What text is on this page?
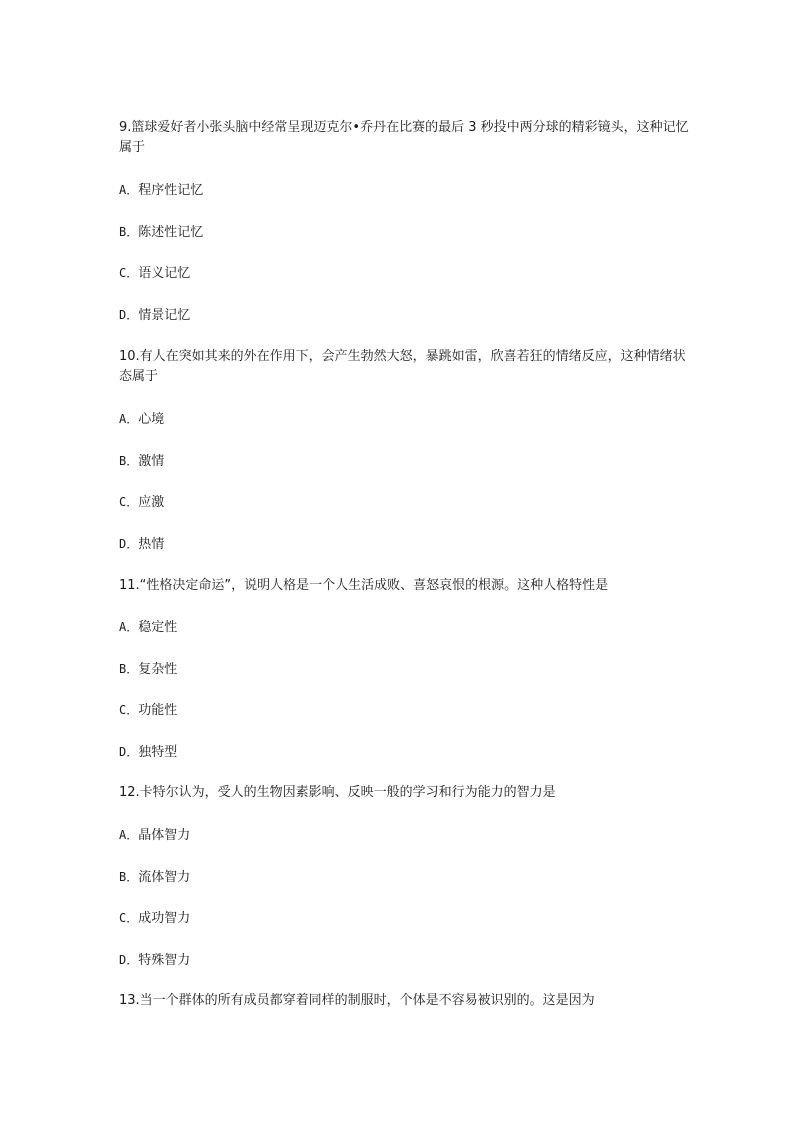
9.篮球爱好者小张头脑中经常呈现迈克尔•乔丹在比赛的最后 3 秒投中两分球的精彩镜头，这种记忆属于
A．程序性记忆
B．陈述性记忆
C．语义记忆
D．情景记忆
10.有人在突如其来的外在作用下，会产生勃然大怒，暴跳如雷，欣喜若狂的情绪反应，这种情绪状态属于
A．心境
B．激情
C．应激
D．热情
11.“性格决定命运”，说明人格是一个人生活成败、喜怒哀恨的根源。这种人格特性是
A．稳定性
B．复杂性
C．功能性
D．独特型
12.卡特尔认为，受人的生物因素影响、反映一般的学习和行为能力的智力是
A．晶体智力
B．流体智力
C．成功智力
D．特殊智力
13.当一个群体的所有成员都穿着同样的制服时，个体是不容易被识别的。这是因为
